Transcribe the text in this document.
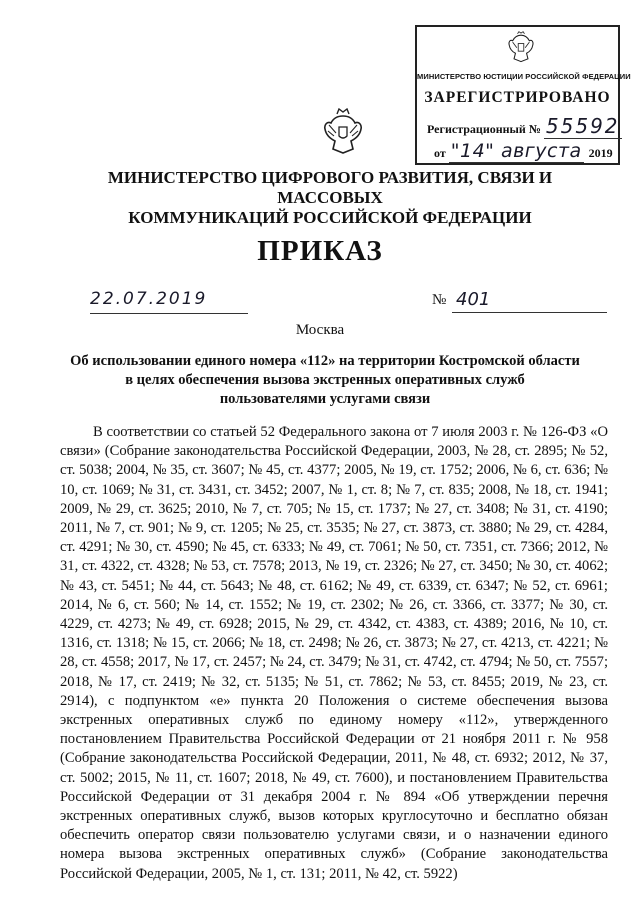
МИНИСТЕРСТВО ЮСТИЦИИ РОССИЙСКОЙ ФЕДЕРАЦИИ
ЗАРЕГИСТРИРОВАНО
Регистрационный № 55592
от "14" августа 2019
МИНИСТЕРСТВО ЦИФРОВОГО РАЗВИТИЯ, СВЯЗИ И МАССОВЫХ
КОММУНИКАЦИЙ РОССИЙСКОЙ ФЕДЕРАЦИИ
ПРИКАЗ
22.07.2019	№ 401
Москва
Об использовании единого номера «112» на территории Костромской области
в целях обеспечения вызова экстренных оперативных служб
пользователями услугами связи

В соответствии со статьей 52 Федерального закона от 7 июля 2003 г. № 126-ФЗ «О связи» (Собрание законодательства Российской Федерации, 2003, № 28, ст. 2895; № 52, ст. 5038; 2004, № 35, ст. 3607; № 45, ст. 4377; 2005, № 19, ст. 1752; 2006, № 6, ст. 636; № 10, ст. 1069; № 31, ст. 3431, ст. 3452; 2007, № 1, ст. 8; № 7, ст. 835; 2008, № 18, ст. 1941; 2009, № 29, ст. 3625; 2010, № 7, ст. 705; № 15, ст. 1737; № 27, ст. 3408; № 31, ст. 4190; 2011, № 7, ст. 901; № 9, ст. 1205; № 25, ст. 3535; № 27, ст. 3873, ст. 3880; № 29, ст. 4284, ст. 4291; № 30, ст. 4590; № 45, ст. 6333; № 49, ст. 7061; № 50, ст. 7351, ст. 7366; 2012, № 31, ст. 4322, ст. 4328; № 53, ст. 7578; 2013, № 19, ст. 2326; № 27, ст. 3450; № 30, ст. 4062; № 43, ст. 5451; № 44, ст. 5643; № 48, ст. 6162; № 49, ст. 6339, ст. 6347; № 52, ст. 6961; 2014, № 6, ст. 560; № 14, ст. 1552; № 19, ст. 2302; № 26, ст. 3366, ст. 3377; № 30, ст. 4229, ст. 4273; № 49, ст. 6928; 2015, № 29, ст. 4342, ст. 4383, ст. 4389; 2016, № 10, ст. 1316, ст. 1318; № 15, ст. 2066; № 18, ст. 2498; № 26, ст. 3873; № 27, ст. 4213, ст. 4221; № 28, ст. 4558; 2017, № 17, ст. 2457; № 24, ст. 3479; № 31, ст. 4742, ст. 4794; № 50, ст. 7557; 2018, № 17, ст. 2419; № 32, ст. 5135; № 51, ст. 7862; № 53, ст. 8455; 2019, № 23, ст. 2914), с подпунктом «е» пункта 20 Положения о системе обеспечения вызова экстренных оперативных служб по единому номеру «112», утвержденного постановлением Правительства Российской Федерации от 21 ноября 2011 г. № 958 (Собрание законодательства Российской Федерации, 2011, № 48, ст. 6932; 2012, № 37, ст. 5002; 2015, № 11, ст. 1607; 2018, № 49, ст. 7600), и постановлением Правительства Российской Федерации от 31 декабря 2004 г. № 894 «Об утверждении перечня экстренных оперативных служб, вызов которых круглосуточно и бесплатно обязан обеспечить оператор связи пользователю услугами связи, и о назначении единого номера вызова экстренных оперативных служб» (Собрание законодательства Российской Федерации, 2005, № 1, ст. 131; 2011, № 42, ст. 5922)
